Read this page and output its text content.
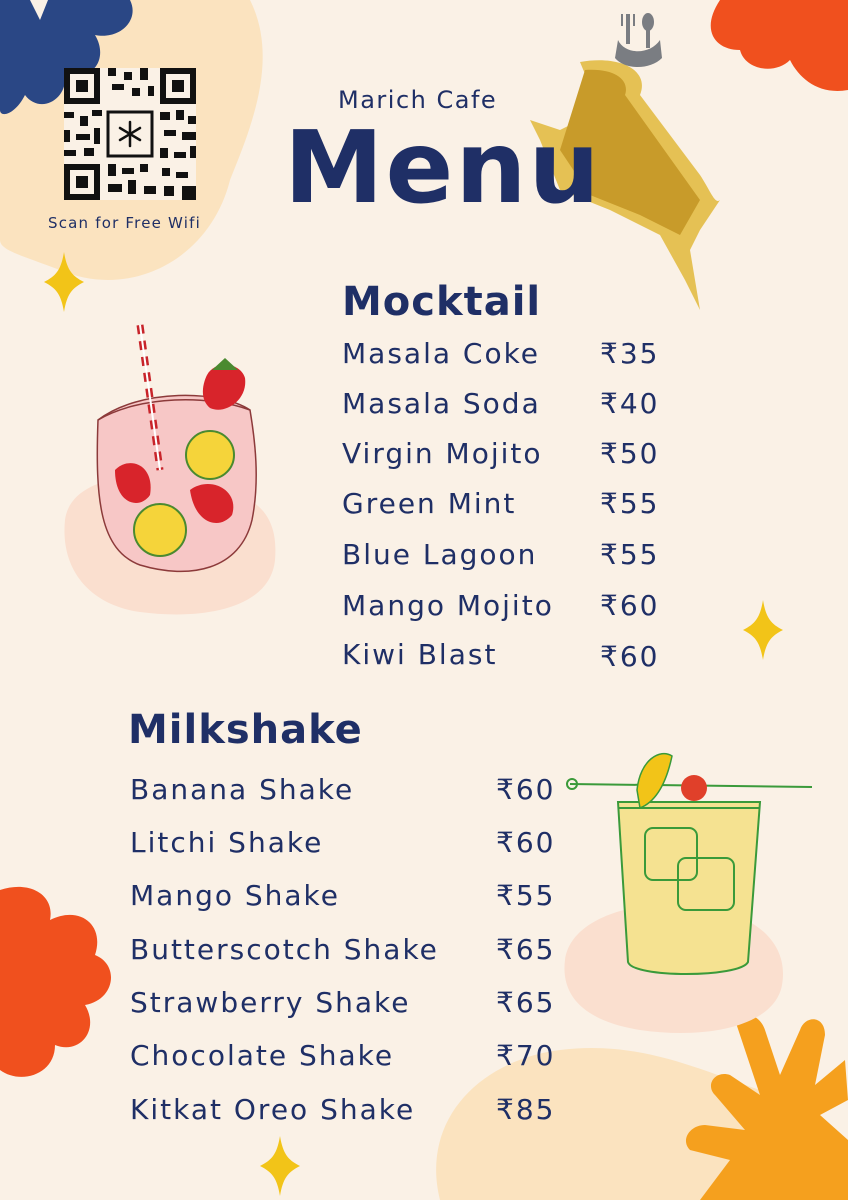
Scan for Free Wifi
Marich Cafe
Menu
Mocktail
Masala Coke ₹35
Masala Soda ₹40
Virgin Mojito ₹50
Green Mint	₹55
Blue Lagoon ₹55
Mango Mojito ₹60
Kiwi Blast	₹60
Milkshake
Banana Shake	₹60
Litchi Shake	₹60
Mango Shake	₹55
Butterscotch Shake ₹65
Strawberry Shake	₹65
Chocolate Shake	₹70
Kitkat Oreo Shake	₹85
